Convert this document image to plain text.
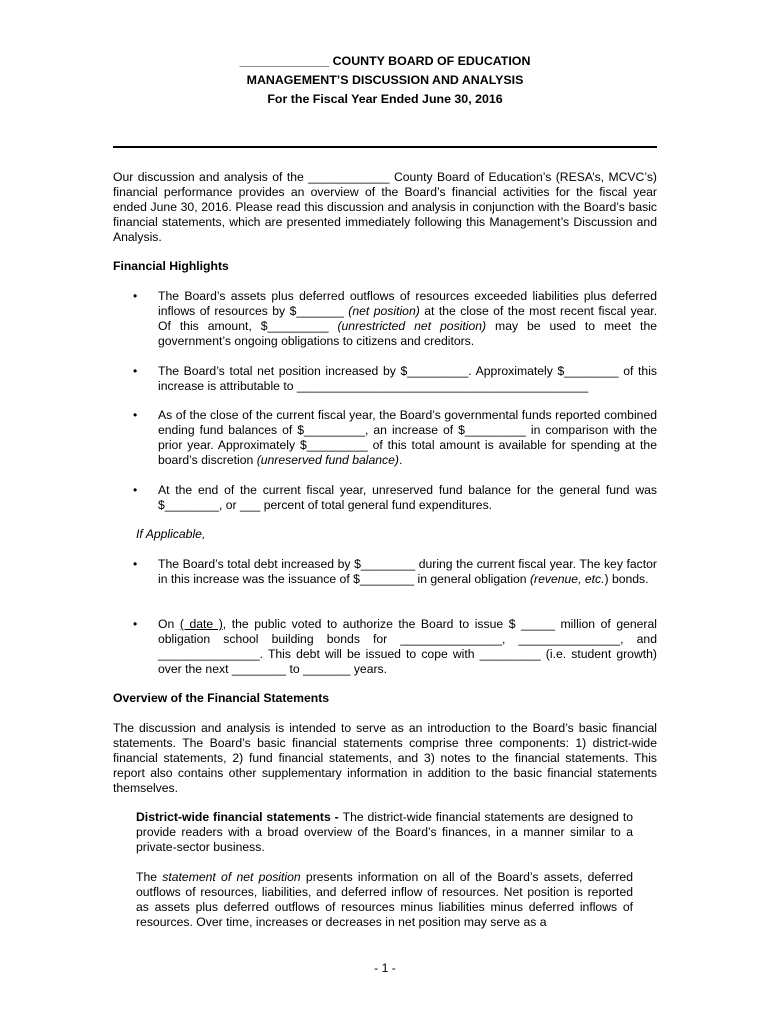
_____________ COUNTY BOARD OF EDUCATION
MANAGEMENT’S DISCUSSION AND ANALYSIS
For the Fiscal Year Ended June 30, 2016

Our discussion and analysis of the ____________ County Board of Education’s (RESA’s, MCVC’s) financial performance provides an overview of the Board’s financial activities for the fiscal year ended June 30, 2016. Please read this discussion and analysis in conjunction with the Board’s basic financial statements, which are presented immediately following this Management’s Discussion and Analysis.

Financial Highlights

• The Board’s assets plus deferred outflows of resources exceeded liabilities plus deferred inflows of resources by $_______ (net position) at the close of the most recent fiscal year. Of this amount, $_________ (unrestricted net position) may be used to meet the government’s ongoing obligations to citizens and creditors.

• The Board’s total net position increased by $_________. Approximately $________ of this increase is attributable to ___________________________________________

• As of the close of the current fiscal year, the Board’s governmental funds reported combined ending fund balances of $_________, an increase of $_________ in comparison with the prior year. Approximately $_________ of this total amount is available for spending at the board’s discretion (unreserved fund balance).

• At the end of the current fiscal year, unreserved fund balance for the general fund was $________, or ___ percent of total general fund expenditures.

If Applicable,

• The Board’s total debt increased by $________ during the current fiscal year. The key factor in this increase was the issuance of $________ in general obligation (revenue, etc.) bonds.

• On ( date ), the public voted to authorize the Board to issue $ _____ million of general obligation school building bonds for _______________, _______________, and _______________. This debt will be issued to cope with _________ (i.e. student growth) over the next ________ to _______ years.

Overview of the Financial Statements

The discussion and analysis is intended to serve as an introduction to the Board’s basic financial statements. The Board’s basic financial statements comprise three components: 1) district-wide financial statements, 2) fund financial statements, and 3) notes to the financial statements. This report also contains other supplementary information in addition to the basic financial statements themselves.

District-wide financial statements - The district-wide financial statements are designed to provide readers with a broad overview of the Board’s finances, in a manner similar to a private-sector business.

The statement of net position presents information on all of the Board’s assets, deferred outflows of resources, liabilities, and deferred inflow of resources. Net position is reported as assets plus deferred outflows of resources minus liabilities minus deferred inflows of resources. Over time, increases or decreases in net position may serve as a

- 1 -
